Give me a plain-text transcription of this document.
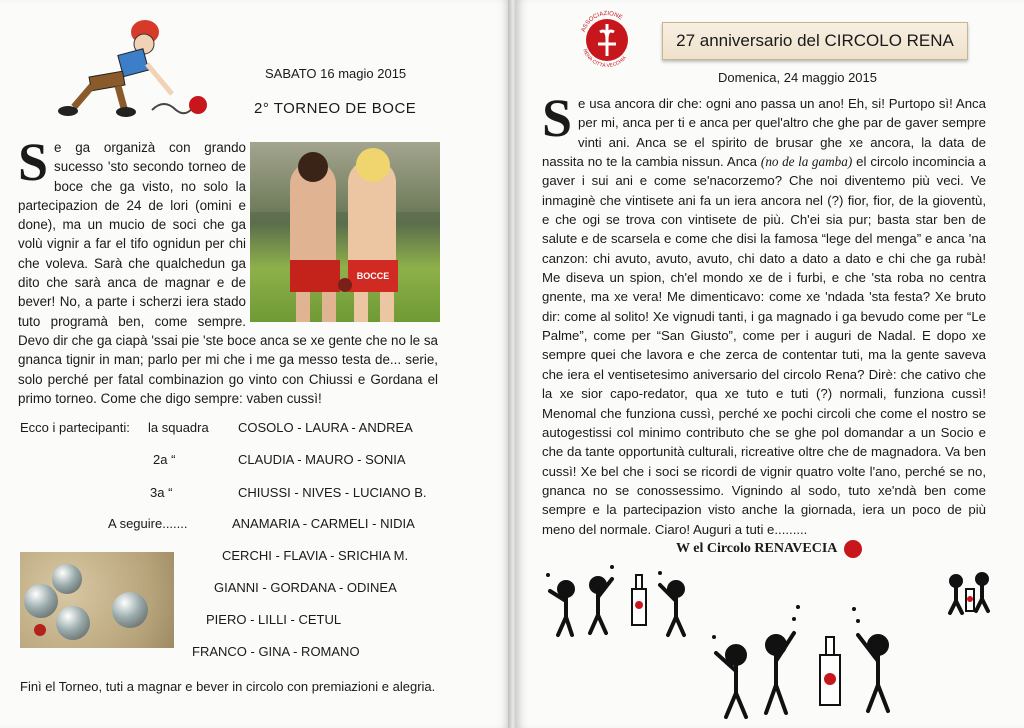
SABATO 16 magio 2015
2° TORNEO DE BOCE
BOCCE
Se ga organizà con grando sucesso 'sto secondo torneo de boce che ga visto, no solo la partecipazion de 24 de lori (omini e done), ma un mucio de soci che ga volù vignir a far el tifo ognidun per chi che voleva. Sarà che qualchedun ga dito che sarà anca de magnar e de bever! No, a parte i scherzi iera stado tuto programà ben, come sempre. Devo dir che ga ciapà 'ssai pie 'ste boce anca se xe gente che no le sa gnanca tignir in man; parlo per mi che i me ga messo testa de... serie, solo perché per fatal combinazion go vinto con Chiussi e Gordana el primo torneo. Come che digo sempre: vaben cussì!
Ecco i partecipanti: la squadra COSOLO - LAURA - ANDREA
2a “	CLAUDIA - MAURO - SONIA
3a “	CHIUSSI - NIVES - LUCIANO B.
A seguire.......	ANAMARIA - CARMELI - NIDIA
CERCHI - FLAVIA - SRICHIA M.
GIANNI - GORDANA - ODINEA
PIERO - LILLI - CETUL
FRANCO - GINA - ROMANO
Finì el Torneo, tuti a magnar e bever in circolo con premiazioni e alegria.
ASSOCIAZIONE
RENA CITTÀ VECCHIA
27 anniversario del CIRCOLO RENA
Domenica, 24 maggio 2015
Se usa ancora dir che: ogni ano passa un ano! Eh, si! Purtopo sì! Anca per mi, anca per ti e anca per quel'altro che ghe par de gaver sempre vinti ani. Anca se el spirito de brusar ghe xe ancora, la data de nassita no te la cambia nissun. Anca (no de la gamba) el circolo incomincia a gaver i sui ani e come se'nacorzemo? Che noi diventemo più veci. Ve inmaginè che vintisete ani fa un iera ancora nel (?) fior, fior, de la gioventù, e che ogi se trova con vintisete de più. Ch'ei sia pur; basta star ben de salute e de scarsela e come che disi la famosa “lege del menga” e anca 'na canzon: chi avuto, avuto, avuto, chi dato a dato a dato e chi che ga rubà! Me diseva un spion, ch'el mondo xe de i furbi, e che 'sta roba no centra gnente, ma xe vera! Me dimenticavo: come xe 'ndada 'sta festa? Xe bruto dir: come al solito! Xe vignudi tanti, i ga magnado i ga bevudo come per “Le Palme”, come per “San Giusto”, come per i auguri de Nadal. E dopo xe sempre quei che lavora e che zerca de contentar tuti, ma la gente saveva che iera el ventisetesimo aniversario del circolo Rena? Dirè: che cativo che la xe sior capo-redator, qua xe tuto e tuti (?) normali, funziona cussì! Menomal che funziona cussì, perché xe pochi circoli che come el nostro se autogestissi col minimo contributo che se ghe pol domandar a un Socio e che da tante opportunità culturali, ricreative oltre che de magnadora. Va ben cussì! Xe bel che i soci se ricordi de vignir quatro volte l'ano, perché se no, gnanca no se conossessimo. Vignindo al sodo, tuto xe'ndà ben come sempre e la partecipazion visto anche la giornada, iera un poco de più meno del normale. Ciaro! Auguri a tuti e.........
W el Circolo RENAVECIA
